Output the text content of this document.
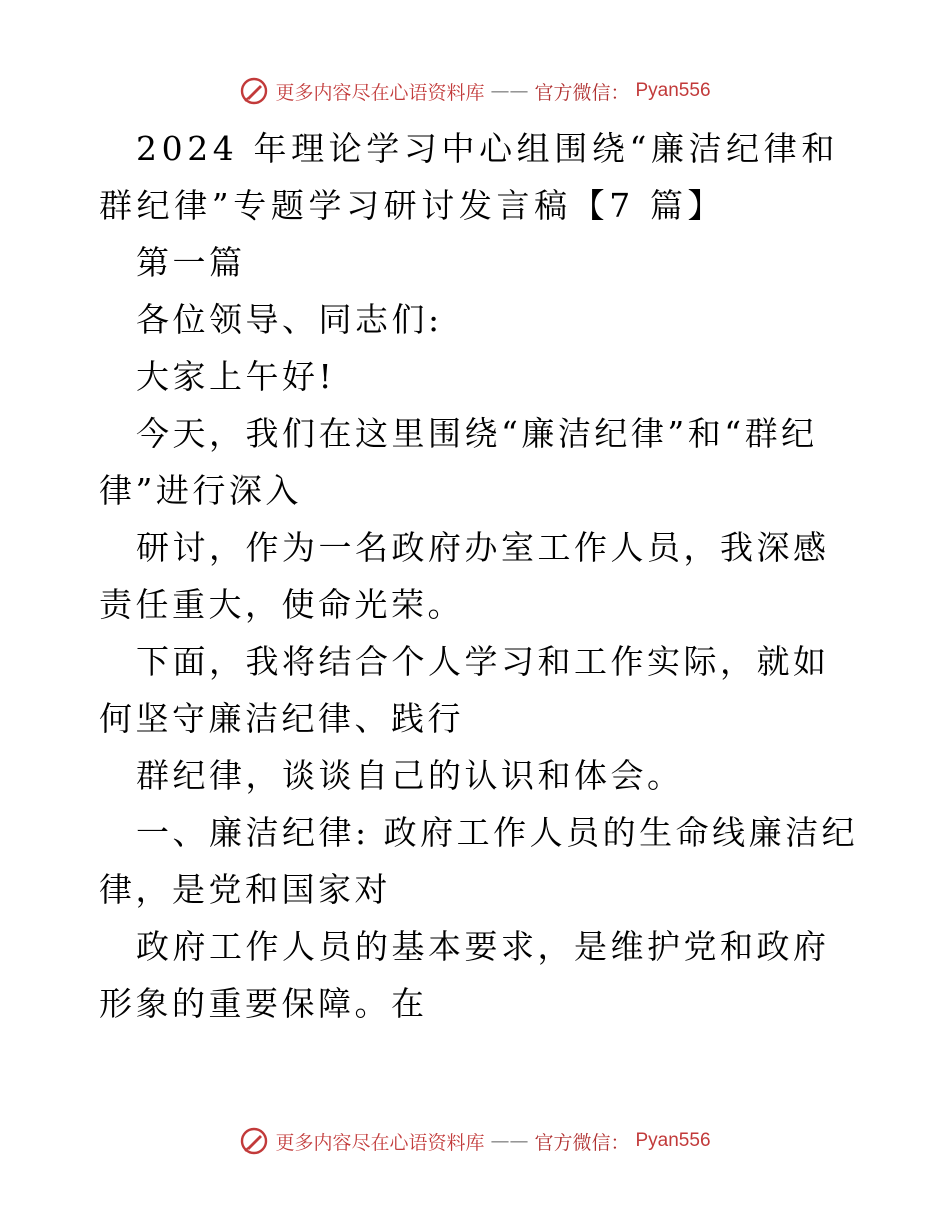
更多内容尽在心语资料库 —— 官方微信： Pyan556

2024 年理论学习中心组围绕“廉洁纪律和群纪律”专题学习研讨发言稿【7 篇】

第一篇

各位领导、同志们:

大家上午好!

今天，我们在这里围绕“廉洁纪律”和“群纪律”进行深入

研讨，作为一名政府办室工作人员，我深感责任重大，使命光荣。

下面，我将结合个人学习和工作实际，就如何坚守廉洁纪律、践行

群纪律，谈谈自己的认识和体会。

一、廉洁纪律: 政府工作人员的生命线廉洁纪律，是党和国家对

政府工作人员的基本要求，是维护党和政府形象的重要保障。在

更多内容尽在心语资料库 —— 官方微信： Pyan556
